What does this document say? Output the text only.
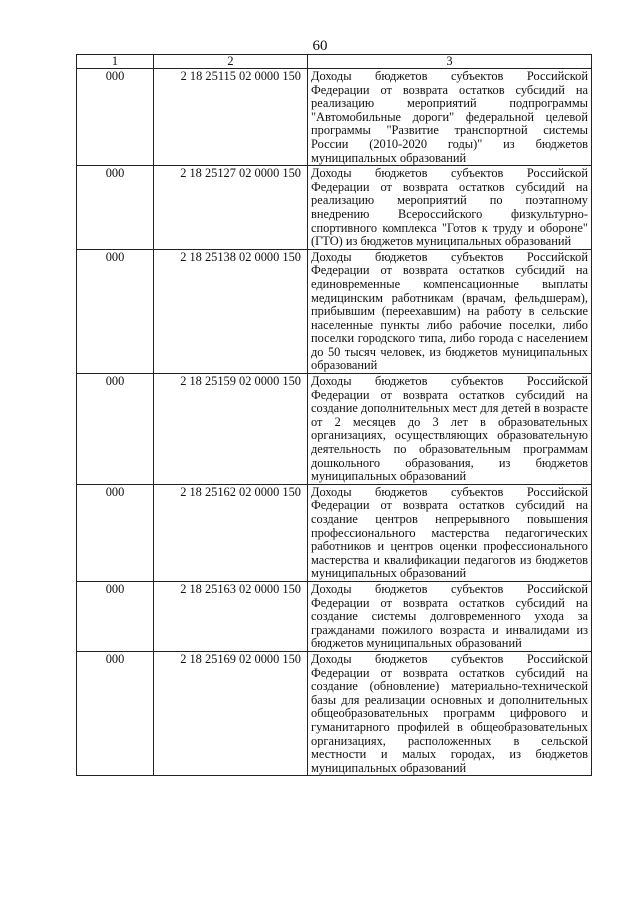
60
1	2	3
000	2 18 25115 02 0000 150	Доходы бюджетов субъектов Российской Федерации от возврата остатков субсидий на реализацию мероприятий подпрограммы "Автомобильные дороги" федеральной целевой программы "Развитие транспортной системы России (2010-2020 годы)" из бюджетов муниципальных образований
000	2 18 25127 02 0000 150	Доходы бюджетов субъектов Российской Федерации от возврата остатков субсидий на реализацию мероприятий по поэтапному внедрению Всероссийского физкультурно-спортивного комплекса "Готов к труду и обороне" (ГТО) из бюджетов муниципальных образований
000	2 18 25138 02 0000 150	Доходы бюджетов субъектов Российской Федерации от возврата остатков субсидий на единовременные компенсационные выплаты медицинским работникам (врачам, фельдшерам), прибывшим (переехавшим) на работу в сельские населенные пункты либо рабочие поселки, либо поселки городского типа, либо города с населением до 50 тысяч человек, из бюджетов муниципальных образований
000	2 18 25159 02 0000 150	Доходы бюджетов субъектов Российской Федерации от возврата остатков субсидий на создание дополнительных мест для детей в возрасте от 2 месяцев до 3 лет в образовательных организациях, осуществляющих образовательную деятельность по образовательным программам дошкольного образования, из бюджетов муниципальных образований
000	2 18 25162 02 0000 150	Доходы бюджетов субъектов Российской Федерации от возврата остатков субсидий на создание центров непрерывного повышения профессионального мастерства педагогических работников и центров оценки профессионального мастерства и квалификации педагогов из бюджетов муниципальных образований
000	2 18 25163 02 0000 150	Доходы бюджетов субъектов Российской Федерации от возврата остатков субсидий на создание системы долговременного ухода за гражданами пожилого возраста и инвалидами из бюджетов муниципальных образований
000	2 18 25169 02 0000 150	Доходы бюджетов субъектов Российской Федерации от возврата остатков субсидий на создание (обновление) материально-технической базы для реализации основных и дополнительных общеобразовательных программ цифрового и гуманитарного профилей в общеобразовательных организациях, расположенных в сельской местности и малых городах, из бюджетов муниципальных образований
